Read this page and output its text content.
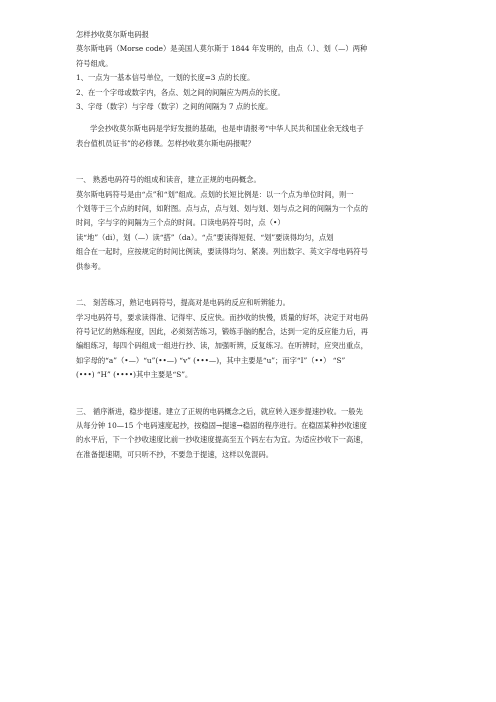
怎样抄收莫尔斯电码报
莫尔斯电码（Morse code）是美国人莫尔斯于 1844 年发明的，由点（.）、划（—）两种
符号组成。
1、一点为一基本信号单位，一划的长度=3 点的长度。
2、在一个字母或数字内，各点、划之间的间隔应为两点的长度。
3、字母（数字）与字母（数字）之间的间隔为 7 点的长度。
学会抄收莫尔斯电码是学好发报的基础，也是申请报考“中华人民共和国业余无线电子
表台值机员证书”的必修课。怎样抄收莫尔斯电码报呢？
一、 熟悉电码符号的组成和读音，建立正规的电码概念。
莫尔斯电码符号是由“点”和“划”组成。点划的长短比例是：以一个点为单位时间，则一
个划等于三个点的时间，如附图。点与点，点与划、划与划、划与点之间的间隔为一个点的
时间，字与字的间隔为三个点的时间。口读电码符号时，点（•）
读“地”（di），划（—）读“搭”（da）。“点”要读得短促、“划”要读得均匀，点划
组合在一起时，应按规定的时间比例读，要读得均匀、紧凑。列出数字、英文字母电码符号
供参考。
二、 刻苦练习，熟记电码符号，提高对是电码的反应和听辨能力。
学习电码符号，要求读得准、记得牢、反应快。而抄收的快慢，质量的好坏，决定于对电码
符号记忆的熟练程度，因此，必须刻苦练习，锻练手脑的配合，达到一定的反应能力后，再
编组练习，每四个码组成一组进行抄、读，加强听辨，反复练习。在听辨时，应突出重点，
如字母的“a”（•—）“u”(••—) “v” (•••—)，其中主要是“u”；而字“I”（••） “S”
(•••) “H” (••••)其中主要是“S”。
三、 循序渐进，稳步提速。建立了正规的电码概念之后，就应转入逐步提速抄收。一般先
从每分钟 10—15 个电码速度起抄，按稳固→提速→稳固的程序进行。在稳固某种抄收速度
的水平后，下一个抄收速度比前一抄收速度提高至五个码左右为宜。为适应抄收下一高速，
在准备提速期，可只听不抄，不要急于提速，这样以免混码。
